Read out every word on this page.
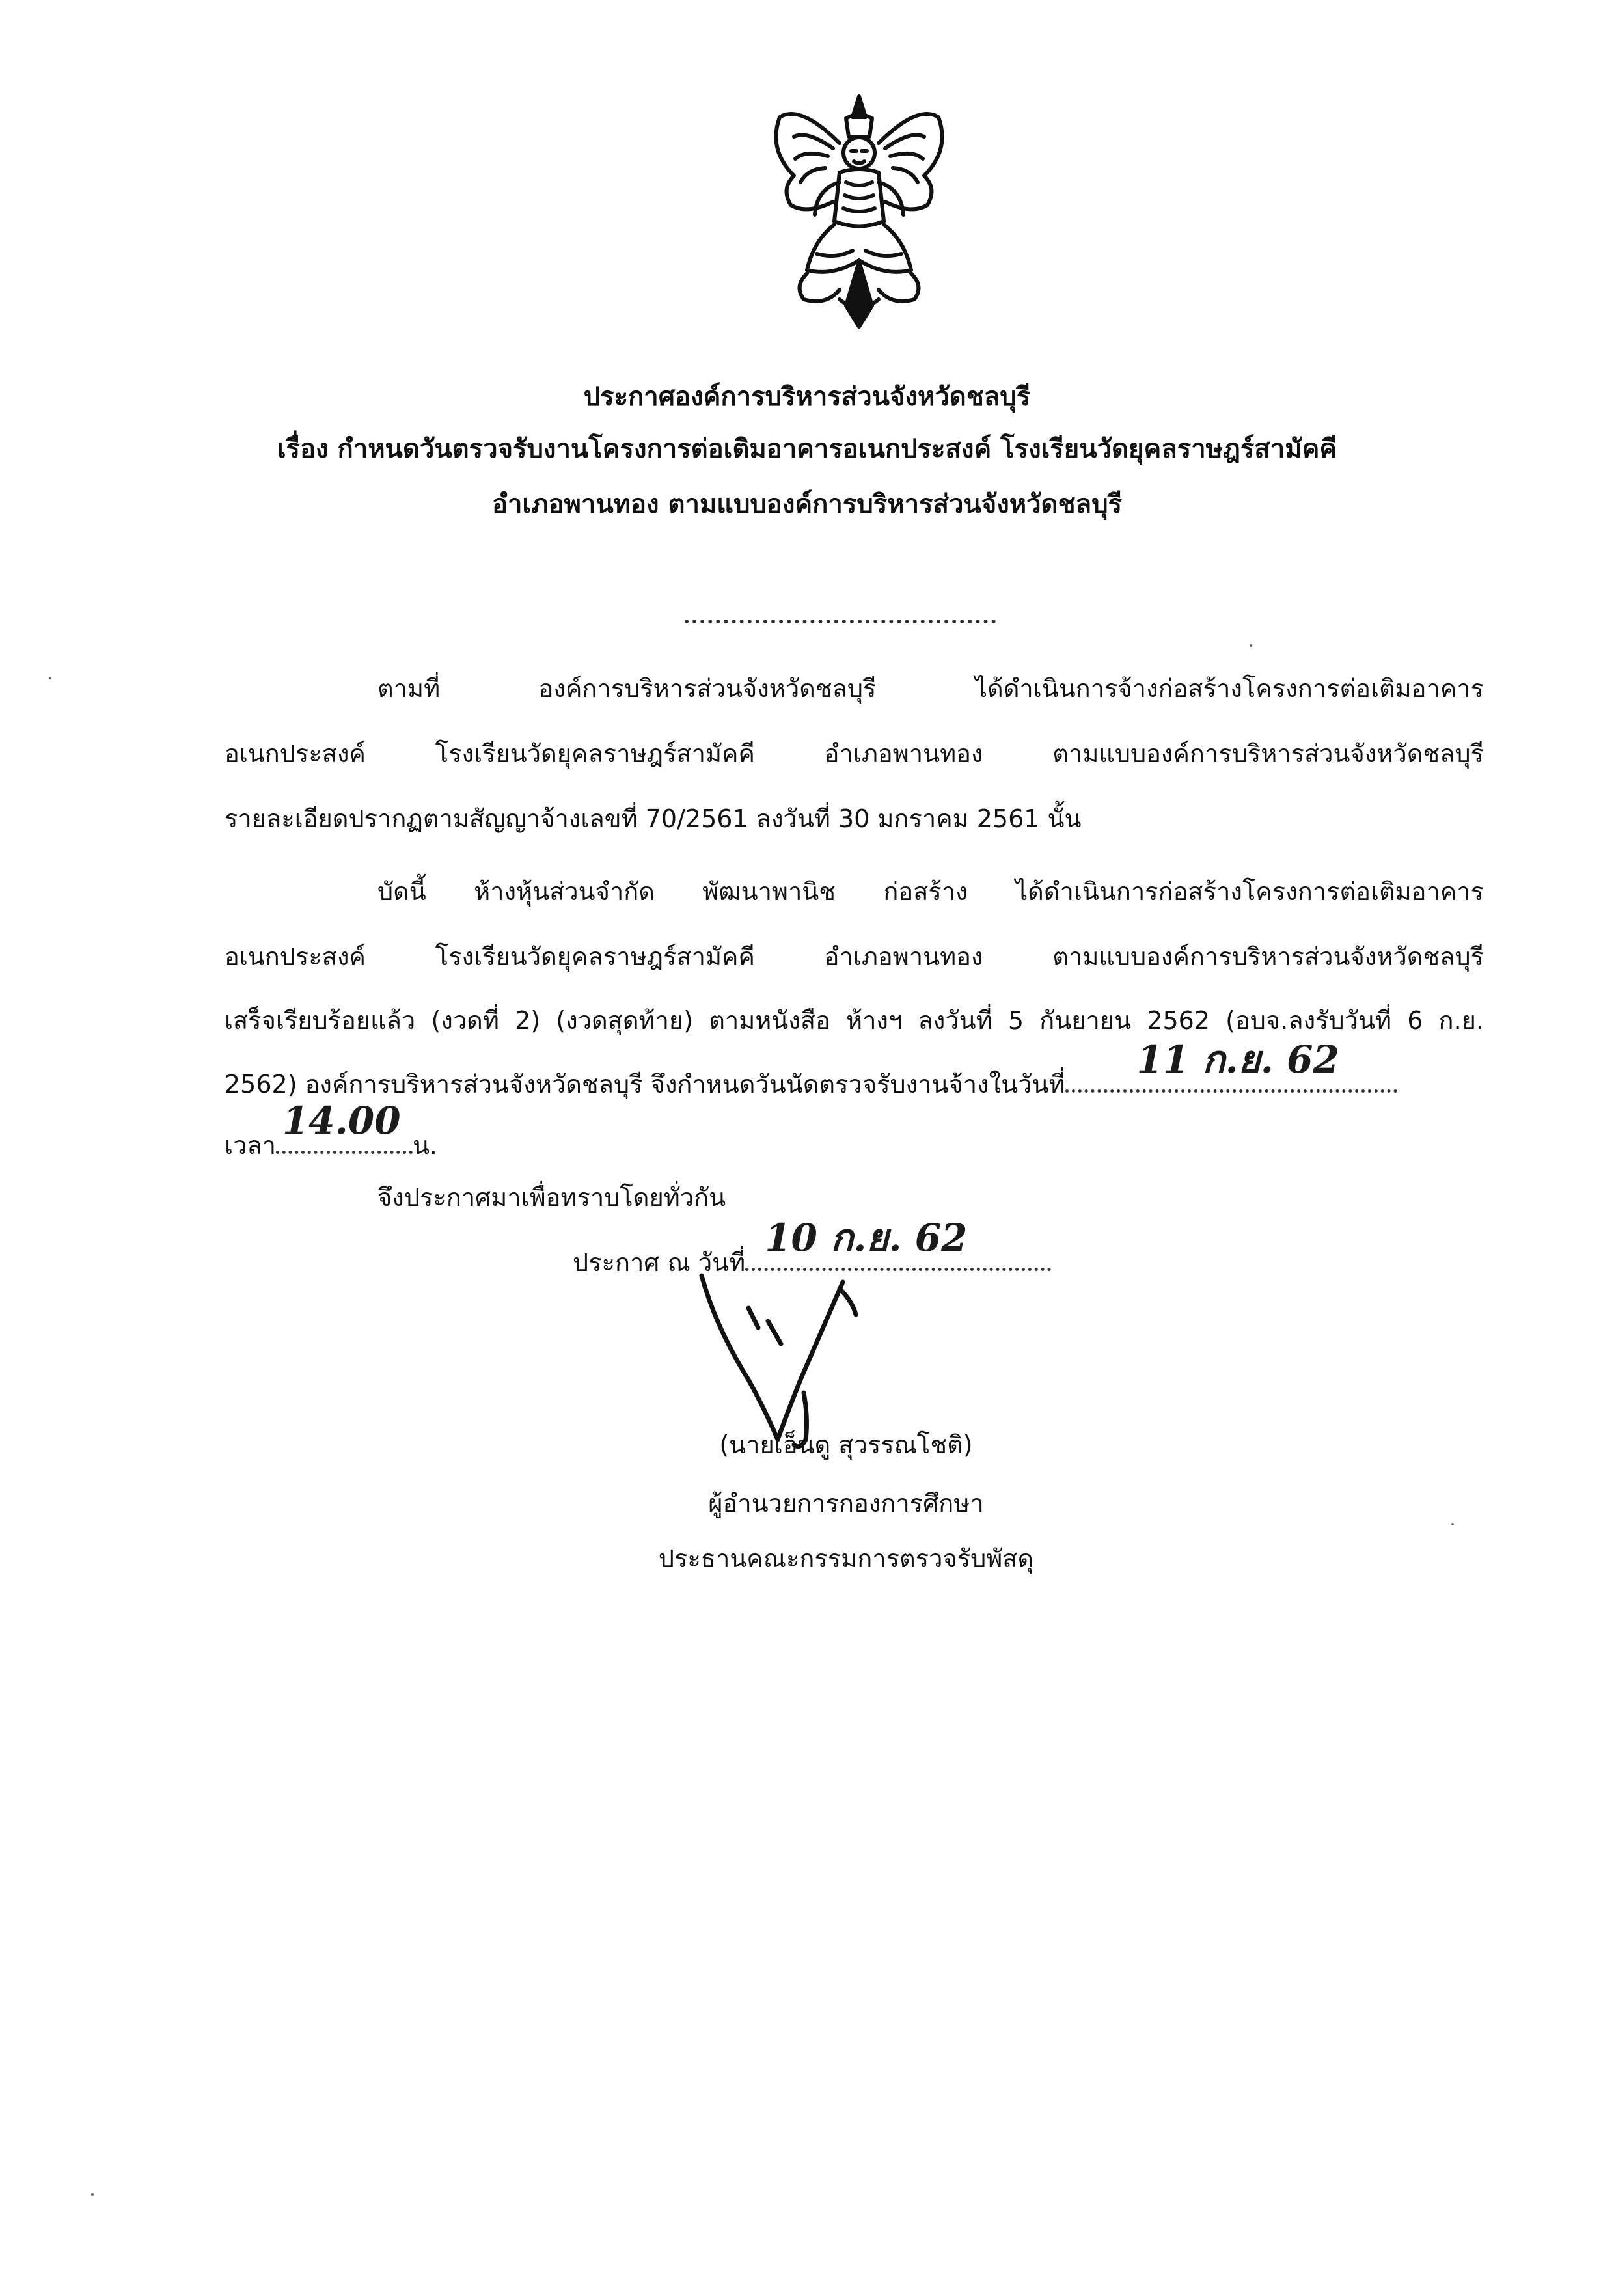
ประกาศองค์การบริหารส่วนจังหวัดชลบุรี
เรื่อง กำหนดวันตรวจรับงานโครงการต่อเติมอาคารอเนกประสงค์ โรงเรียนวัดยุคลราษฎร์สามัคคี
อำเภอพานทอง ตามแบบองค์การบริหารส่วนจังหวัดชลบุรี
ตามที่ องค์การบริหารส่วนจังหวัดชลบุรี ได้ดำเนินการจ้างก่อสร้างโครงการต่อเติมอาคาร
อเนกประสงค์ โรงเรียนวัดยุคลราษฎร์สามัคคี อำเภอพานทอง ตามแบบองค์การบริหารส่วนจังหวัดชลบุรี
รายละเอียดปรากฏตามสัญญาจ้างเลขที่ 70/2561 ลงวันที่ 30 มกราคม 2561 นั้น
บัดนี้ ห้างหุ้นส่วนจำกัด พัฒนาพานิช ก่อสร้าง ได้ดำเนินการก่อสร้างโครงการต่อเติมอาคาร
อเนกประสงค์ โรงเรียนวัดยุคลราษฎร์สามัคคี อำเภอพานทอง ตามแบบองค์การบริหารส่วนจังหวัดชลบุรี
เสร็จเรียบร้อยแล้ว (งวดที่ 2) (งวดสุดท้าย) ตามหนังสือ ห้างฯ ลงวันที่ 5 กันยายน 2562 (อบจ.ลงรับวันที่ 6 ก.ย.
2562) องค์การบริหารส่วนจังหวัดชลบุรี จึงกำหนดวันนัดตรวจรับงานจ้างในวันที่
11 ก.ย. 62
เวลา
14.00
น.
จึงประกาศมาเพื่อทราบโดยทั่วกัน
ประกาศ ณ วันที่
10 ก.ย. 62
(นายเอ็นดู สุวรรณโชติ)
ผู้อำนวยการกองการศึกษา
ประธานคณะกรรมการตรวจรับพัสดุ
